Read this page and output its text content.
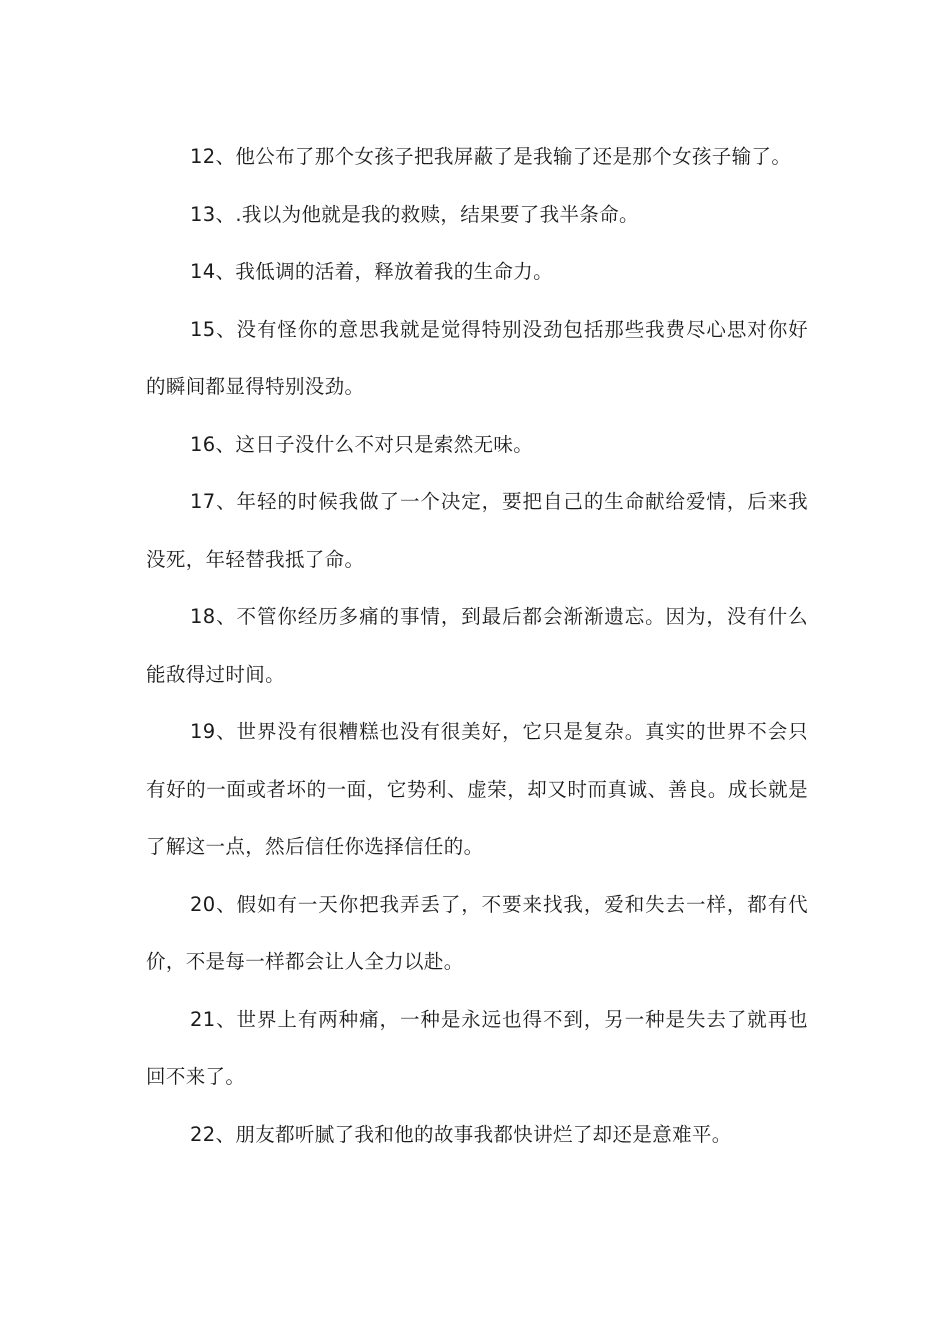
12、他公布了那个女孩子把我屏蔽了是我输了还是那个女孩子输了。

13、.我以为他就是我的救赎，结果要了我半条命。

14、我低调的活着，释放着我的生命力。

15、没有怪你的意思我就是觉得特别没劲包括那些我费尽心思对你好的瞬间都显得特别没劲。

16、这日子没什么不对只是索然无味。

17、年轻的时候我做了一个决定，要把自己的生命献给爱情，后来我没死，年轻替我抵了命。

18、不管你经历多痛的事情，到最后都会渐渐遗忘。因为，没有什么能敌得过时间。

19、世界没有很糟糕也没有很美好，它只是复杂。真实的世界不会只有好的一面或者坏的一面，它势利、虚荣，却又时而真诚、善良。成长就是了解这一点，然后信任你选择信任的。

20、假如有一天你把我弄丢了，不要来找我，爱和失去一样，都有代价，不是每一样都会让人全力以赴。

21、世界上有两种痛，一种是永远也得不到，另一种是失去了就再也回不来了。

22、朋友都听腻了我和他的故事我都快讲烂了却还是意难平。
